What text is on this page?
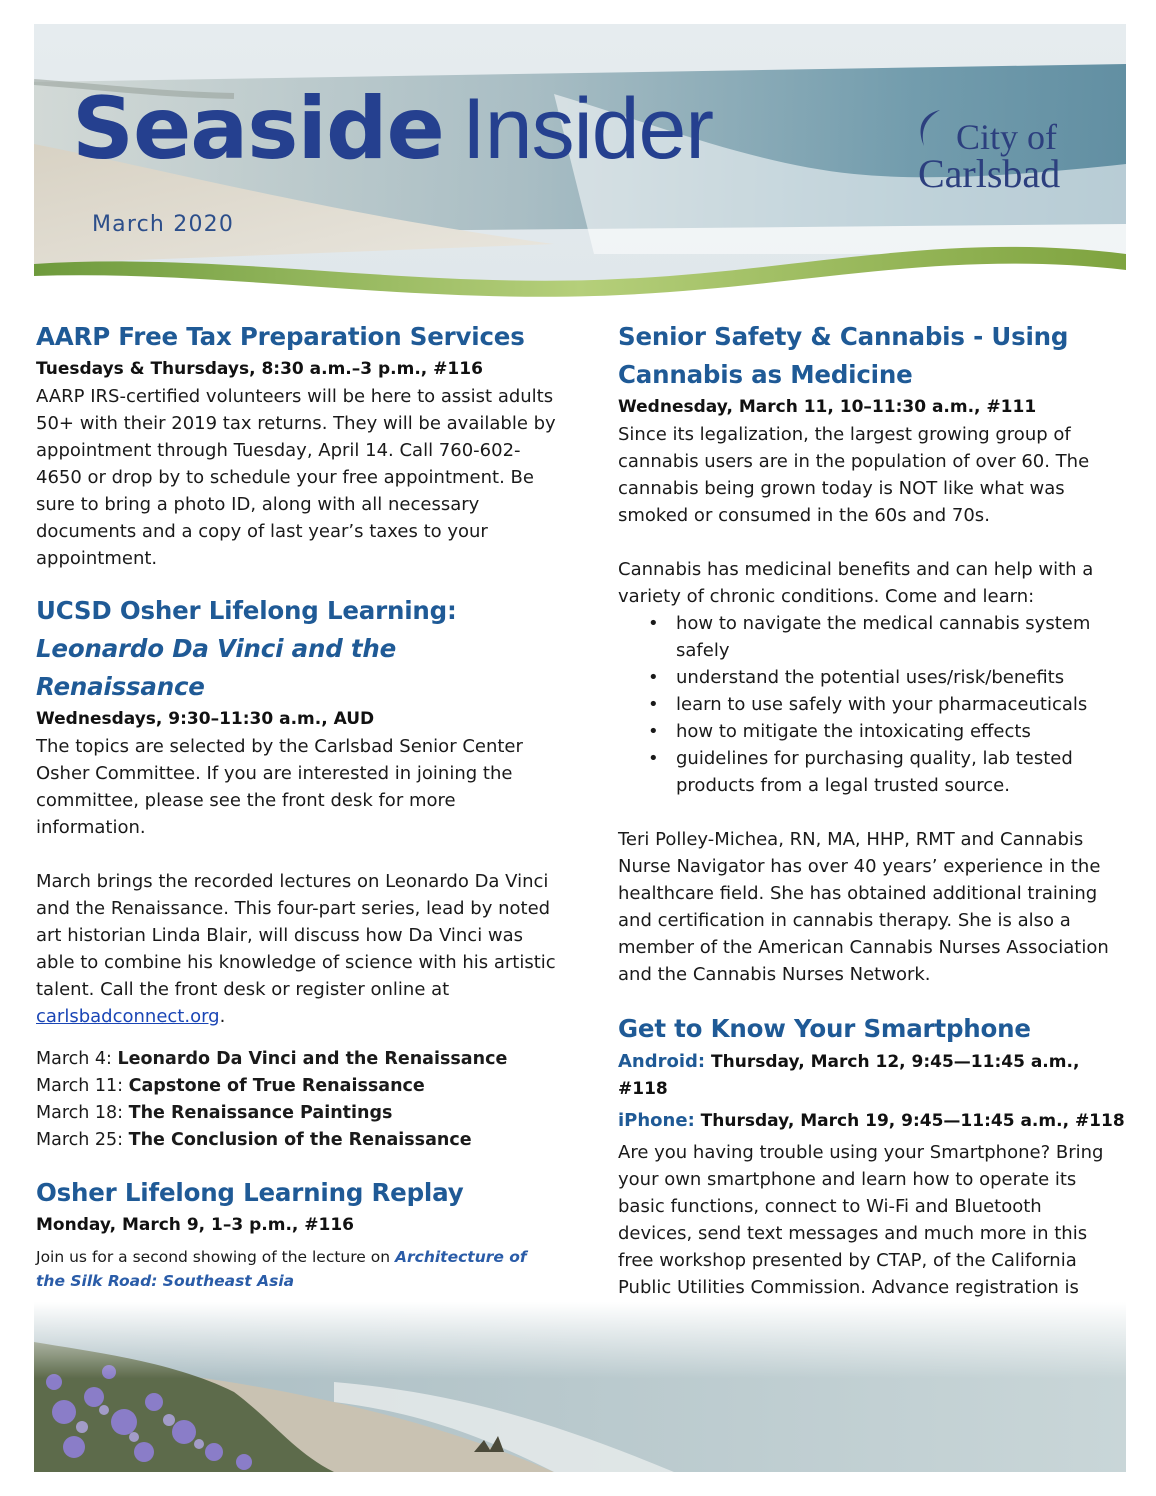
Seaside Insider
March 2020
City of
Carlsbad
AARP Free Tax Preparation Services
Tuesdays & Thursdays, 8:30 a.m.–3 p.m., #116

AARP IRS-certified volunteers will be here to assist adults 50+ with their 2019 tax returns. They will be available by appointment through Tuesday, April 14. Call 760-602-4650 or drop by to schedule your free appointment. Be sure to bring a photo ID, along with all necessary documents and a copy of last year’s taxes to your appointment.

UCSD Osher Lifelong Learning: Leonardo Da Vinci and the Renaissance
Wednesdays, 9:30–11:30 a.m., AUD

The topics are selected by the Carlsbad Senior Center Osher Committee. If you are interested in joining the committee, please see the front desk for more information.

March brings the recorded lectures on Leonardo Da Vinci and the Renaissance. This four-part series, lead by noted art historian Linda Blair, will discuss how Da Vinci was able to combine his knowledge of science with his artistic talent. Call the front desk or register online at carlsbadconnect.org.

March 4: Leonardo Da Vinci and the Renaissance
March 11: Capstone of True Renaissance
March 18: The Renaissance Paintings
March 25: The Conclusion of the Renaissance
Osher Lifelong Learning Replay
Monday, March 9, 1–3 p.m., #116

Join us for a second showing of the lecture on Architecture of the Silk Road: Southeast Asia

Senior Safety & Cannabis - Using Cannabis as Medicine
Wednesday, March 11, 10–11:30 a.m., #111

Since its legalization, the largest growing group of cannabis users are in the population of over 60. The cannabis being grown today is NOT like what was smoked or consumed in the 60s and 70s.

Cannabis has medicinal benefits and can help with a variety of chronic conditions. Come and learn:

• how to navigate the medical cannabis system safely
• understand the potential uses/risk/benefits
• learn to use safely with your pharmaceuticals
• how to mitigate the intoxicating effects
• guidelines for purchasing quality, lab tested products from a legal trusted source.

Teri Polley-Michea, RN, MA, HHP, RMT and Cannabis Nurse Navigator has over 40 years’ experience in the healthcare field. She has obtained additional training and certification in cannabis therapy. She is also a member of the American Cannabis Nurses Association and the Cannabis Nurses Network.

Get to Know Your Smartphone
Android: Thursday, March 12, 9:45—11:45 a.m., #118
iPhone: Thursday, March 19, 9:45—11:45 a.m., #118

Are you having trouble using your Smartphone? Bring your own smartphone and learn how to operate its basic functions, connect to Wi-Fi and Bluetooth devices, send text messages and much more in this free workshop presented by CTAP, of the California Public Utilities Commission. Advance registration is
